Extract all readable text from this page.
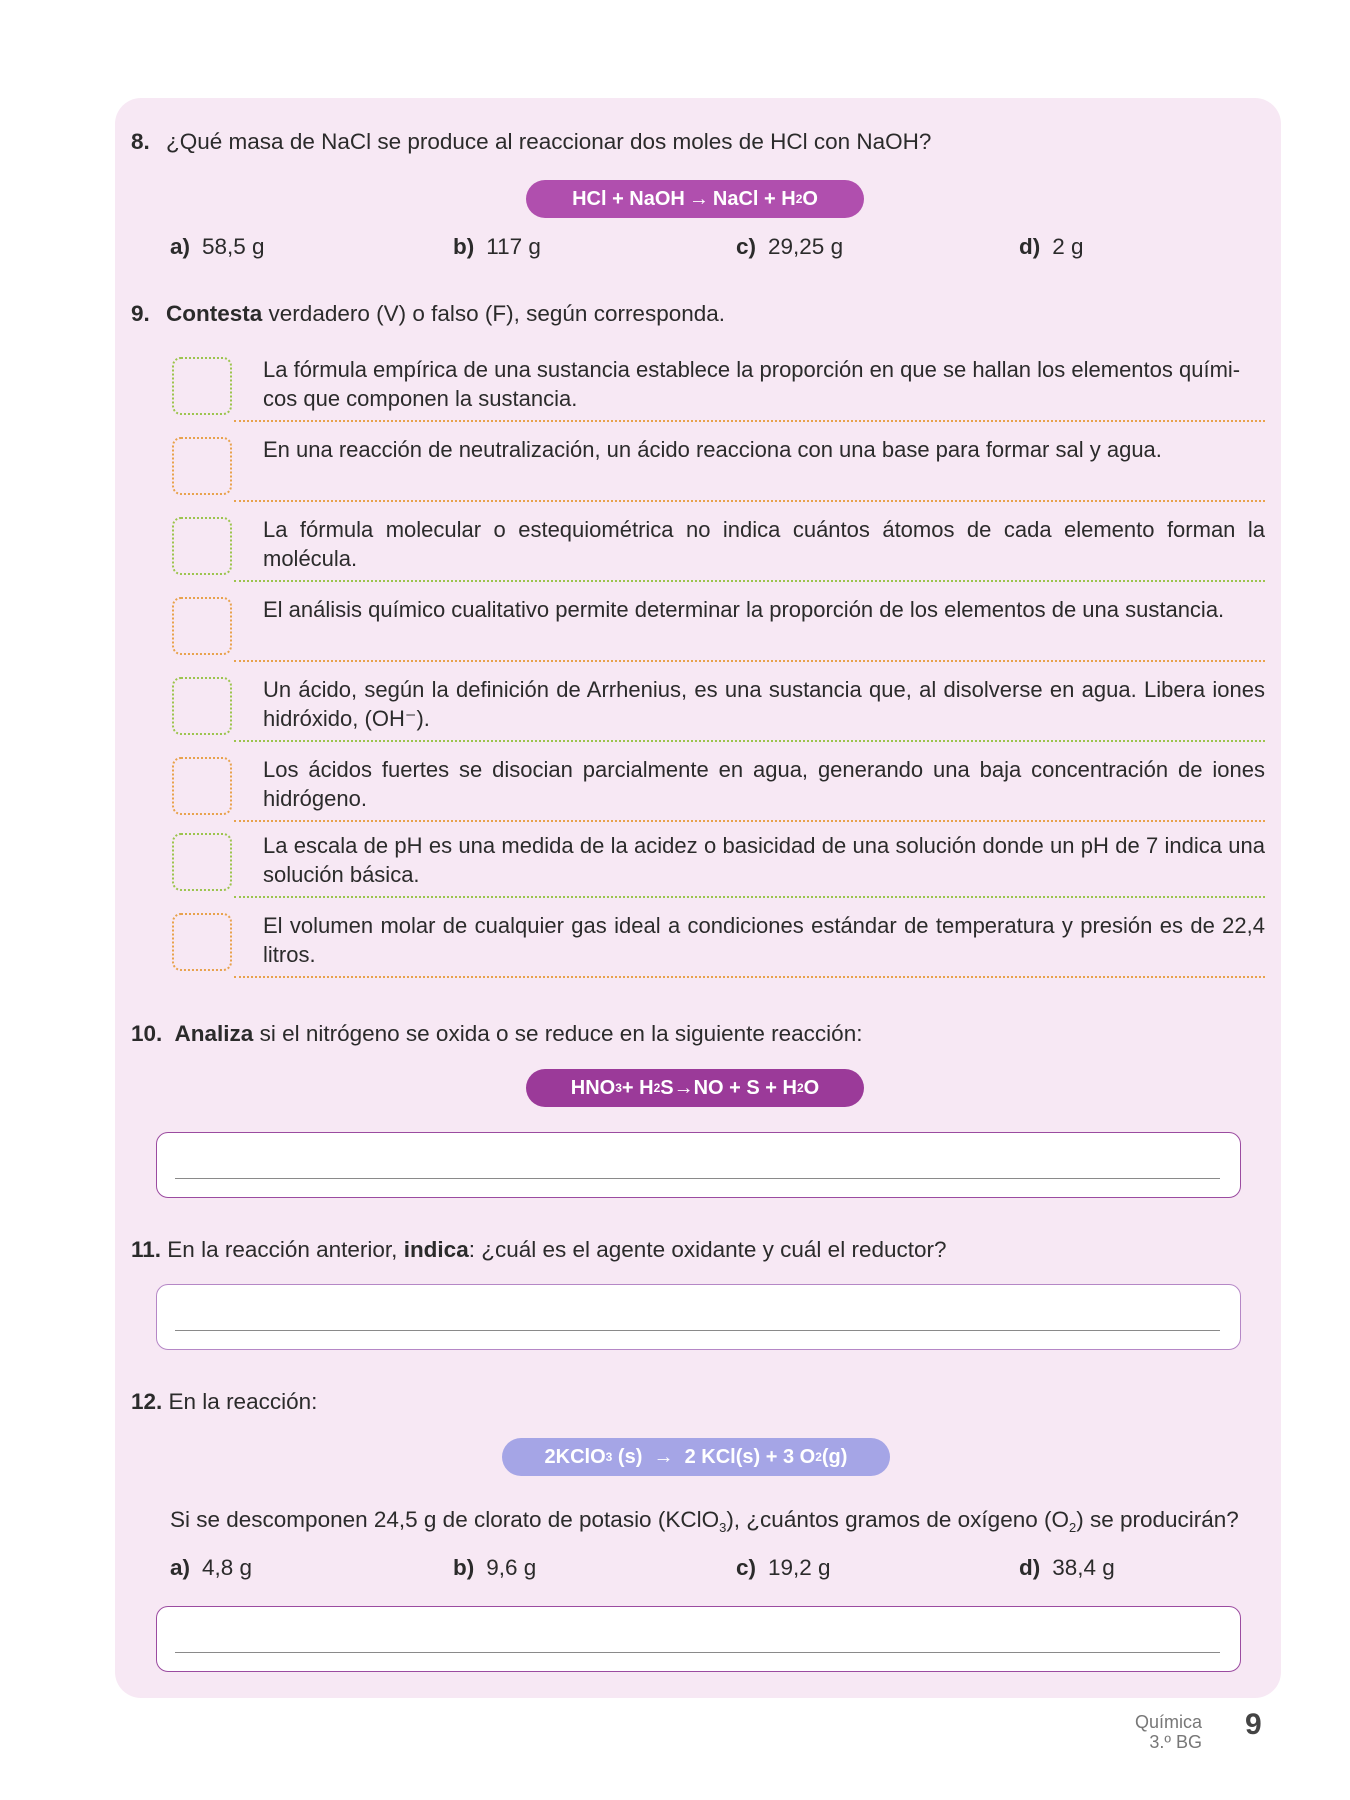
8. ¿Qué masa de NaCl se produce al reaccionar dos moles de HCl con NaOH?
HCl + NaOH → NaCl + H 2 O
a) 58,5 g	b) 117 g	c) 29,25 g	d) 2 g
9. Contesta verdadero (V) o falso (F), según corresponda.
La fórmula empírica de una sustancia establece la proporción en que se hallan los elementos quími-cos que componen la sustancia.
En una reacción de neutralización, un ácido reacciona con una base para formar sal y agua.
La fórmula molecular o estequiométrica no indica cuántos átomos de cada elemento forman la molécula.
El análisis químico cualitativo permite determinar la proporción de los elementos de una sustancia.
Un ácido, según la definición de Arrhenius, es una sustancia que, al disolverse en agua. Libera iones hidróxido, (OH⁻).
Los ácidos fuertes se disocian parcialmente en agua, generando una baja concentración de iones hidrógeno.
La escala de pH es una medida de la acidez o basicidad de una solución donde un pH de 7 indica una solución básica.
El volumen molar de cualquier gas ideal a condiciones estándar de temperatura y presión es de 22,4 litros.
10. Analiza si el nitrógeno se oxida o se reduce en la siguiente reacción:
HNO 3 + H 2 S → NO + S + H 2 O
11. En la reacción anterior, indica: ¿cuál es el agente oxidante y cuál el reductor?
12. En la reacción:
2KClO 3 (s) → 2 KCl(s) + 3 O 2 (g)
Si se descomponen 24,5 g de clorato de potasio (KClO$_3$), ¿cuántos gramos de oxígeno $(O_2)$ se producirán?
a) 4,8 g	b) 9,6 g	c) 19,2 g	d) 38,4 g
Química
3.º BG
9
